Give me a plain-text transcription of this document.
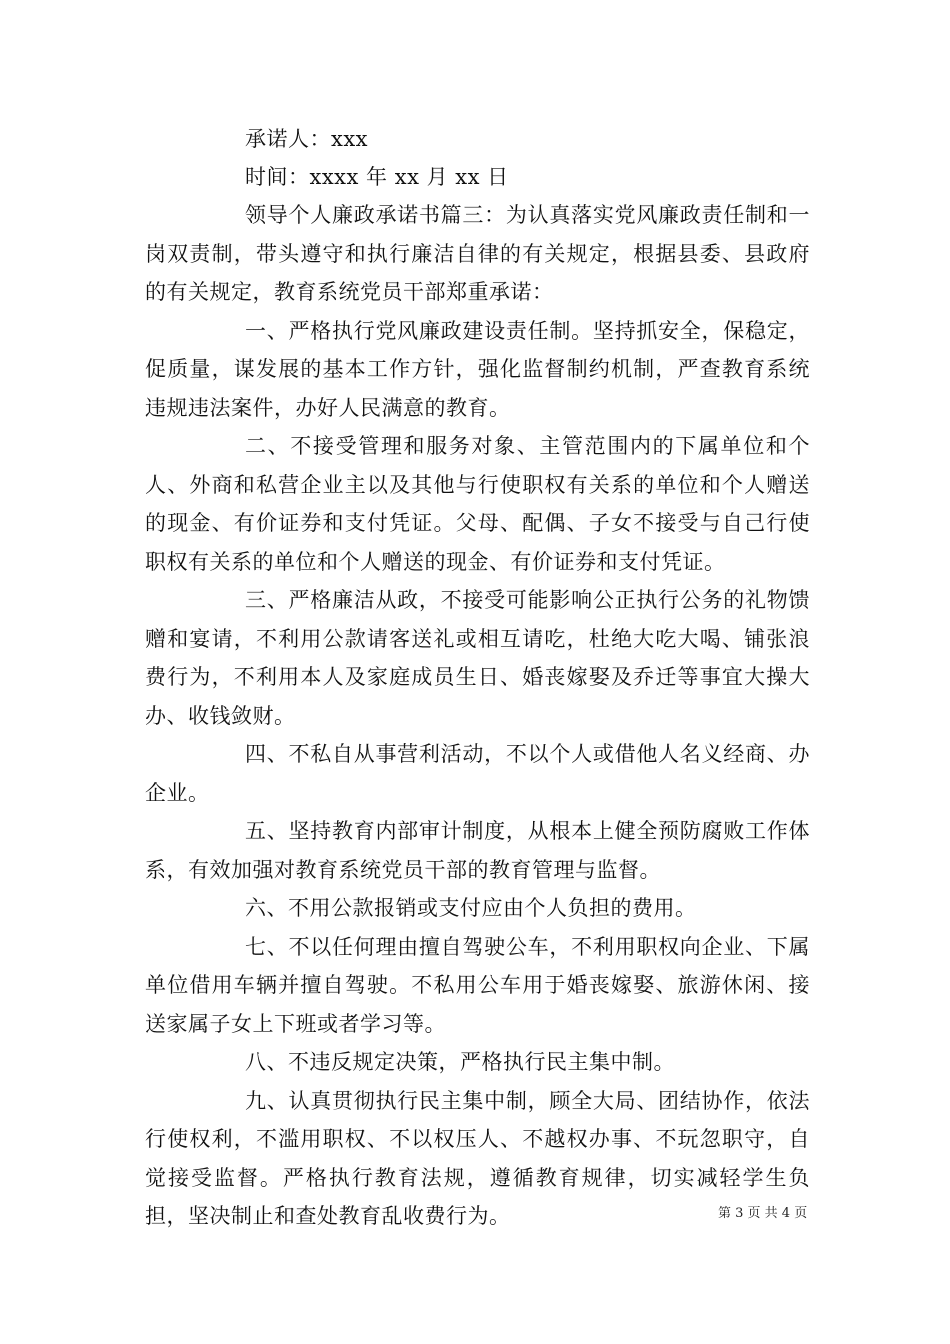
承诺人：xxx

时间：xxxx 年 xx 月 xx 日

领导个人廉政承诺书篇三：为认真落实党风廉政责任制和一岗双责制，带头遵守和执行廉洁自律的有关规定，根据县委、县政府的有关规定，教育系统党员干部郑重承诺：

一、严格执行党风廉政建设责任制。坚持抓安全，保稳定，促质量，谋发展的基本工作方针，强化监督制约机制，严查教育系统违规违法案件，办好人民满意的教育。

二、不接受管理和服务对象、主管范围内的下属单位和个人、外商和私营企业主以及其他与行使职权有关系的单位和个人赠送的现金、有价证券和支付凭证。父母、配偶、子女不接受与自己行使职权有关系的单位和个人赠送的现金、有价证券和支付凭证。

三、严格廉洁从政，不接受可能影响公正执行公务的礼物馈赠和宴请，不利用公款请客送礼或相互请吃，杜绝大吃大喝、铺张浪费行为，不利用本人及家庭成员生日、婚丧嫁娶及乔迁等事宜大操大办、收钱敛财。

四、不私自从事营利活动，不以个人或借他人名义经商、办企业。

五、坚持教育内部审计制度，从根本上健全预防腐败工作体系，有效加强对教育系统党员干部的教育管理与监督。

六、不用公款报销或支付应由个人负担的费用。

七、不以任何理由擅自驾驶公车，不利用职权向企业、下属单位借用车辆并擅自驾驶。不私用公车用于婚丧嫁娶、旅游休闲、接送家属子女上下班或者学习等。

八、不违反规定决策，严格执行民主集中制。

九、认真贯彻执行民主集中制，顾全大局、团结协作，依法行使权利，不滥用职权、不以权压人、不越权办事、不玩忽职守，自觉接受监督。严格执行教育法规，遵循教育规律，切实减轻学生负担，坚决制止和查处教育乱收费行为。	第 3 页 共 4 页
